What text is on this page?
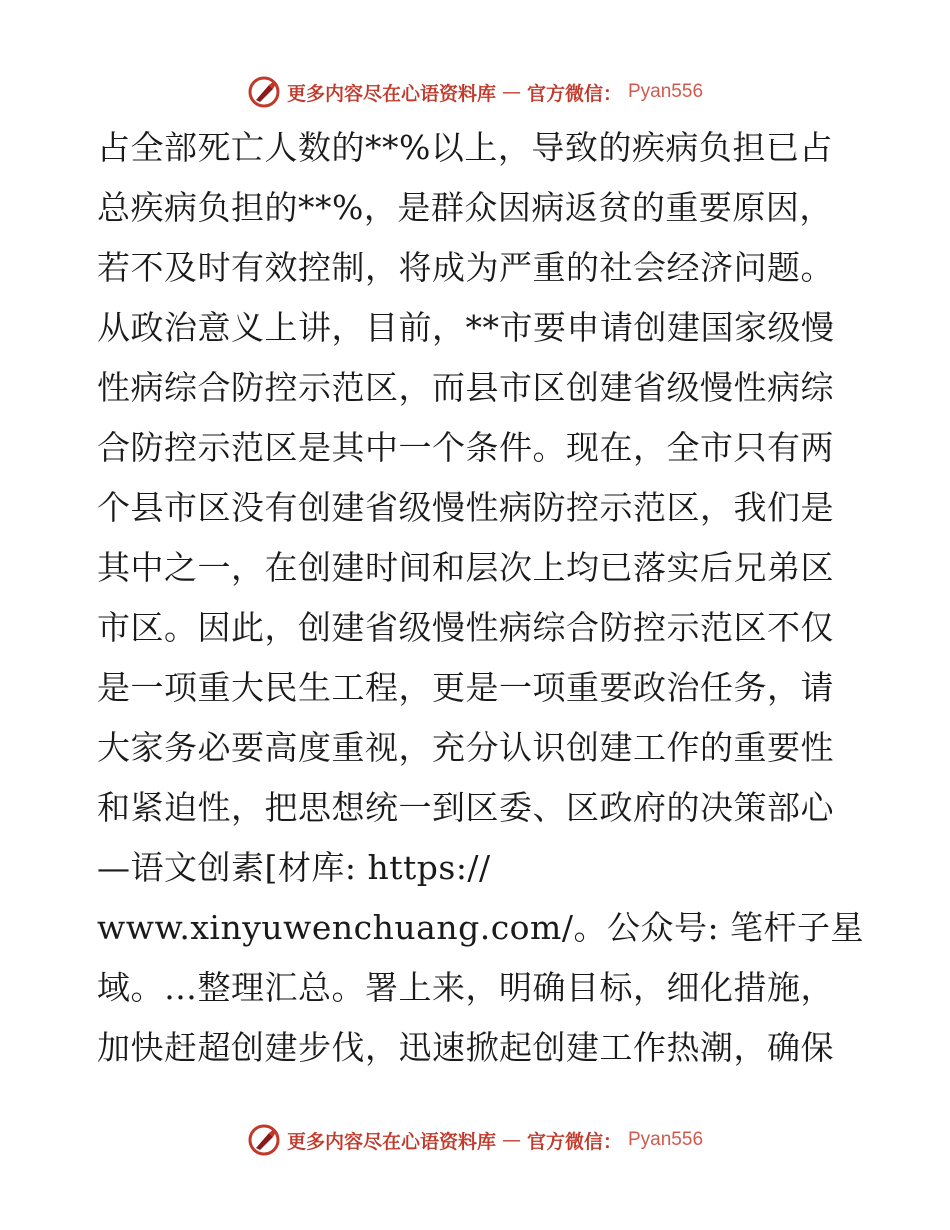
更多内容尽在心语资料库 — 官方微信： Pyan556
占全部死亡人数的**%以上，导致的疾病负担已占
总疾病负担的**%，是群众因病返贫的重要原因，
若不及时有效控制，将成为严重的社会经济问题。
从政治意义上讲，目前，**市要申请创建国家级慢
性病综合防控示范区，而县市区创建省级慢性病综
合防控示范区是其中一个条件。现在，全市只有两
个县市区没有创建省级慢性病防控示范区，我们是
其中之一，在创建时间和层次上均已落实后兄弟区
市区。因此，创建省级慢性病综合防控示范区不仅
是一项重大民生工程，更是一项重要政治任务，请
大家务必要高度重视，充分认识创建工作的重要性
和紧迫性，把思想统一到区委、区政府的决策部心
—语文创素[材库: https://
www.xinyuwenchuang.com/。公众号: 笔杆子星
域。…整理汇总。署上来，明确目标，细化措施，
加快赶超创建步伐，迅速掀起创建工作热潮，确保
更多内容尽在心语资料库 — 官方微信： Pyan556
